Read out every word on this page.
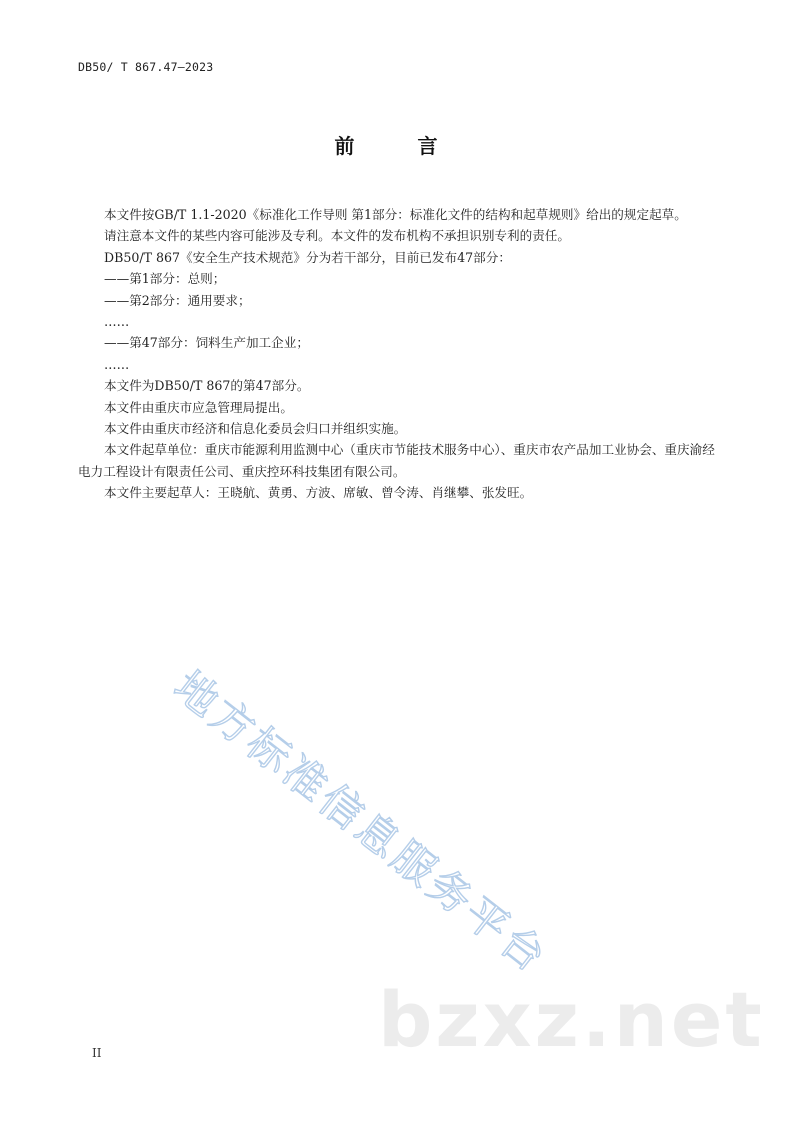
DB50/ T 867.47—2023
前 言

本文件按GB/T 1.1-2020《标准化工作导则 第1部分：标准化文件的结构和起草规则》给出的规定起草。

请注意本文件的某些内容可能涉及专利。本文件的发布机构不承担识别专利的责任。

DB50/T 867《安全生产技术规范》分为若干部分，目前已发布47部分：

——第1部分：总则；

——第2部分：通用要求；

……

——第47部分：饲料生产加工企业；

……

本文件为DB50/T 867的第47部分。

本文件由重庆市应急管理局提出。

本文件由重庆市经济和信息化委员会归口并组织实施。

本文件起草单位：重庆市能源利用监测中心（重庆市节能技术服务中心）、重庆市农产品加工业协会、重庆渝经电力工程设计有限责任公司、重庆控环科技集团有限公司。

本文件主要起草人：王晓航、黄勇、方波、席敏、曾令涛、肖继攀、张发旺。

地方标准信息服务平台
bzxz.net
II
